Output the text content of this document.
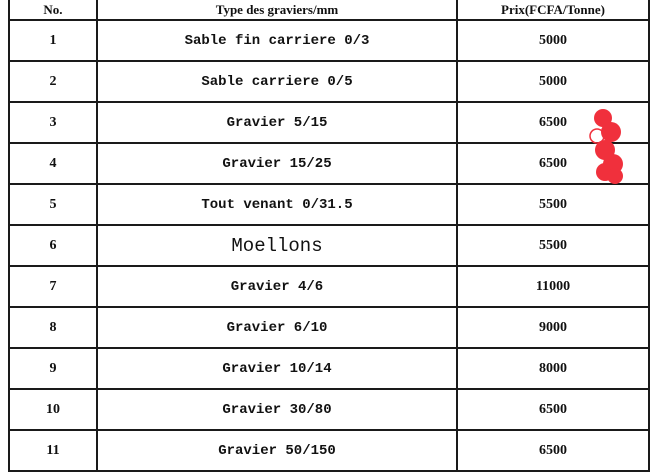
No.	Type des graviers/mm	Prix(FCFA/Tonne)
1	Sable fin carriere 0/3	5000
2	Sable carriere 0/5	5000
3	Gravier 5/15	6500
4	Gravier 15/25	6500
5	Tout venant 0/31.5	5500
6	Moellons	5500
7	Gravier 4/6	11000
8	Gravier 6/10	9000
9	Gravier 10/14	8000
10	Gravier 30/80	6500
11	Gravier 50/150	6500
